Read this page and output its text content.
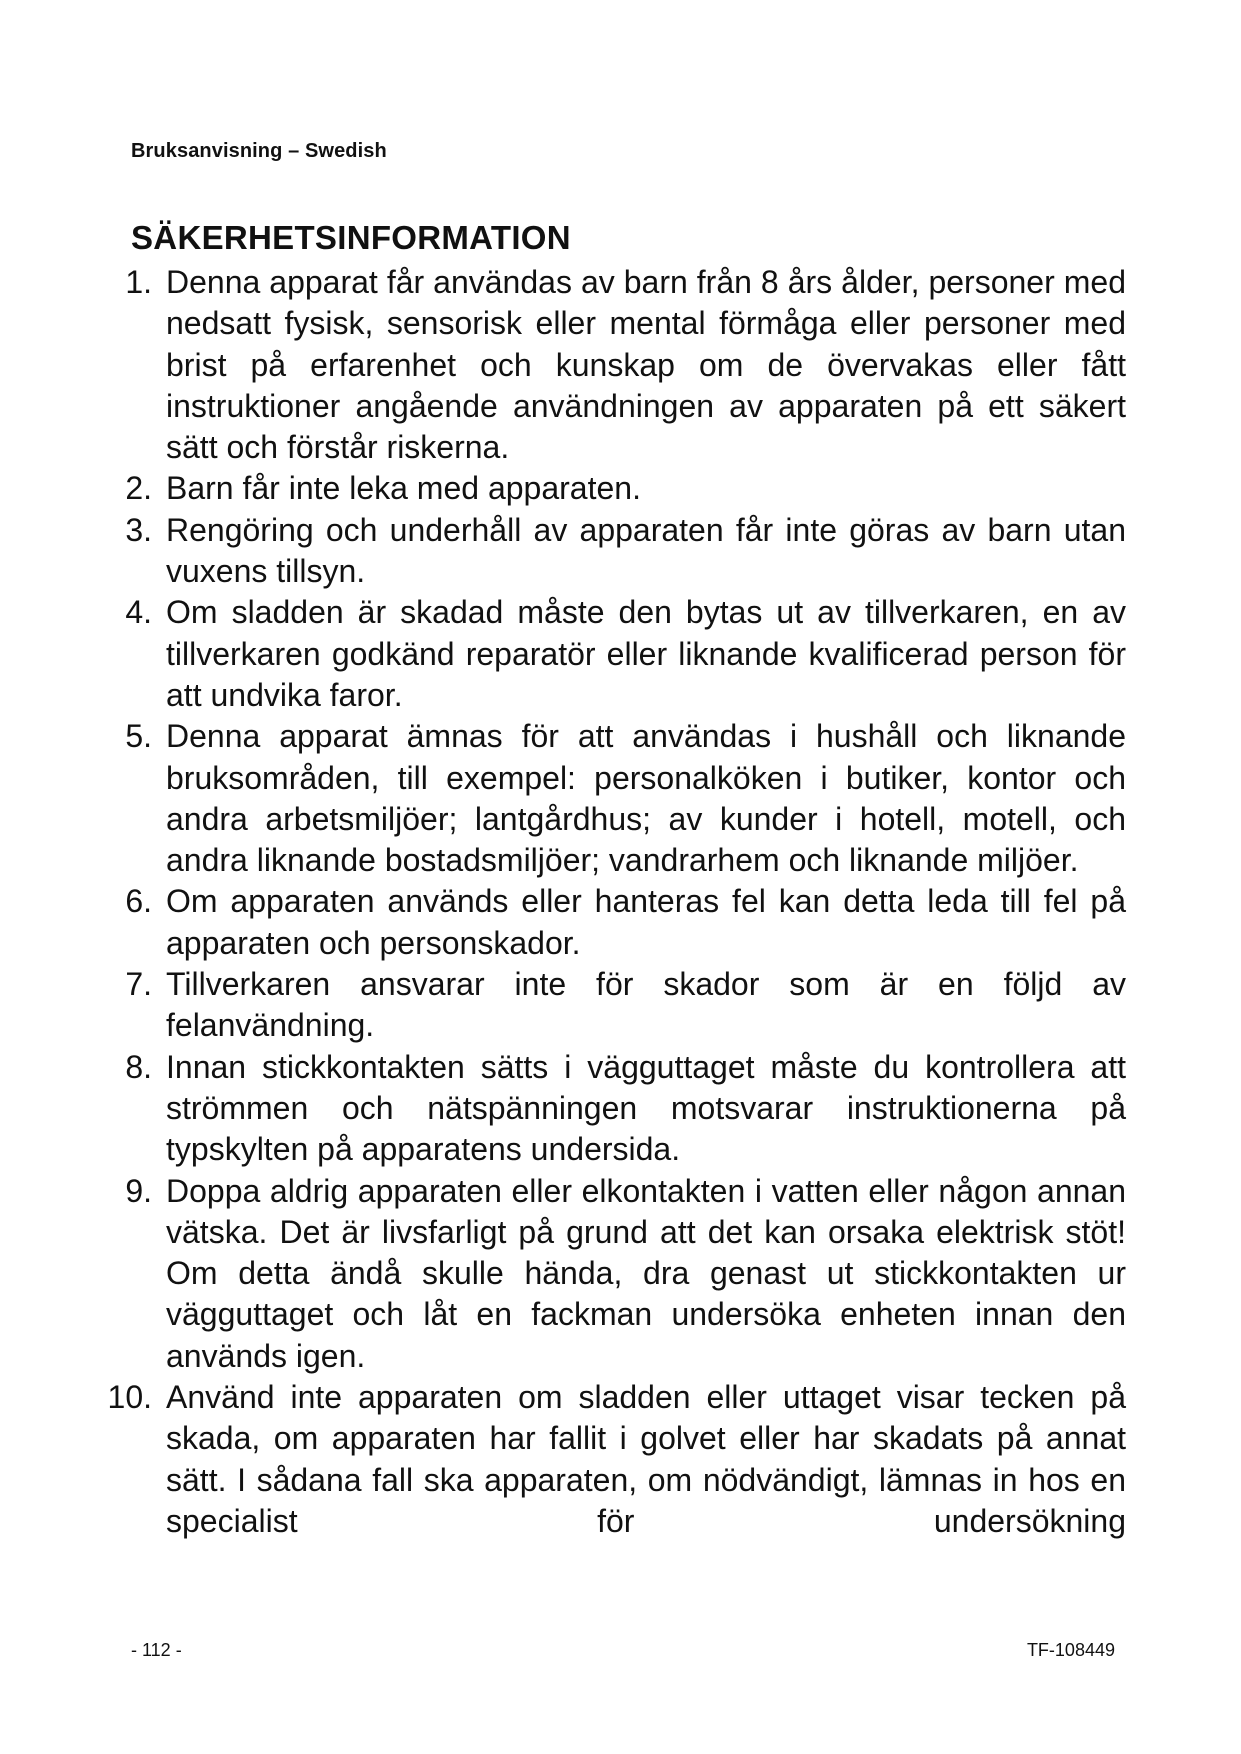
Bruksanvisning – Swedish
SÄKERHETSINFORMATION
1. Denna apparat får användas av barn från 8 års ålder, personer med nedsatt fysisk, sensorisk eller mental förmåga eller personer med brist på erfarenhet och kunskap om de övervakas eller fått instruktioner angående användningen av apparaten på ett säkert sätt och förstår riskerna.
2. Barn får inte leka med apparaten.
3. Rengöring och underhåll av apparaten får inte göras av barn utan vuxens tillsyn.
4. Om sladden är skadad måste den bytas ut av tillverkaren, en av tillverkaren godkänd reparatör eller liknande kvalificerad person för att undvika faror.
5. Denna apparat ämnas för att användas i hushåll och liknande bruksområden, till exempel: personalköken i butiker, kontor och andra arbetsmiljöer; lantgårdhus; av kunder i hotell, motell, och andra liknande bostadsmiljöer; vandrarhem och liknande miljöer.
6. Om apparaten används eller hanteras fel kan detta leda till fel på apparaten och personskador.
7. Tillverkaren ansvarar inte för skador som är en följd av felanvändning.
8. Innan stickkontakten sätts i vägguttaget måste du kontrollera att strömmen och nätspänningen motsvarar instruktionerna på typskylten på apparatens undersida.
9. Doppa aldrig apparaten eller elkontakten i vatten eller någon annan vätska. Det är livsfarligt på grund att det kan orsaka elektrisk stöt! Om detta ändå skulle hända, dra genast ut stickkontakten ur vägguttaget och låt en fackman undersöka enheten innan den används igen.
10. Använd inte apparaten om sladden eller uttaget visar tecken på skada, om apparaten har fallit i golvet eller har skadats på annat sätt. I sådana fall ska apparaten, om nödvändigt, lämnas in hos en specialist för undersökning
- 112 -	TF-108449
